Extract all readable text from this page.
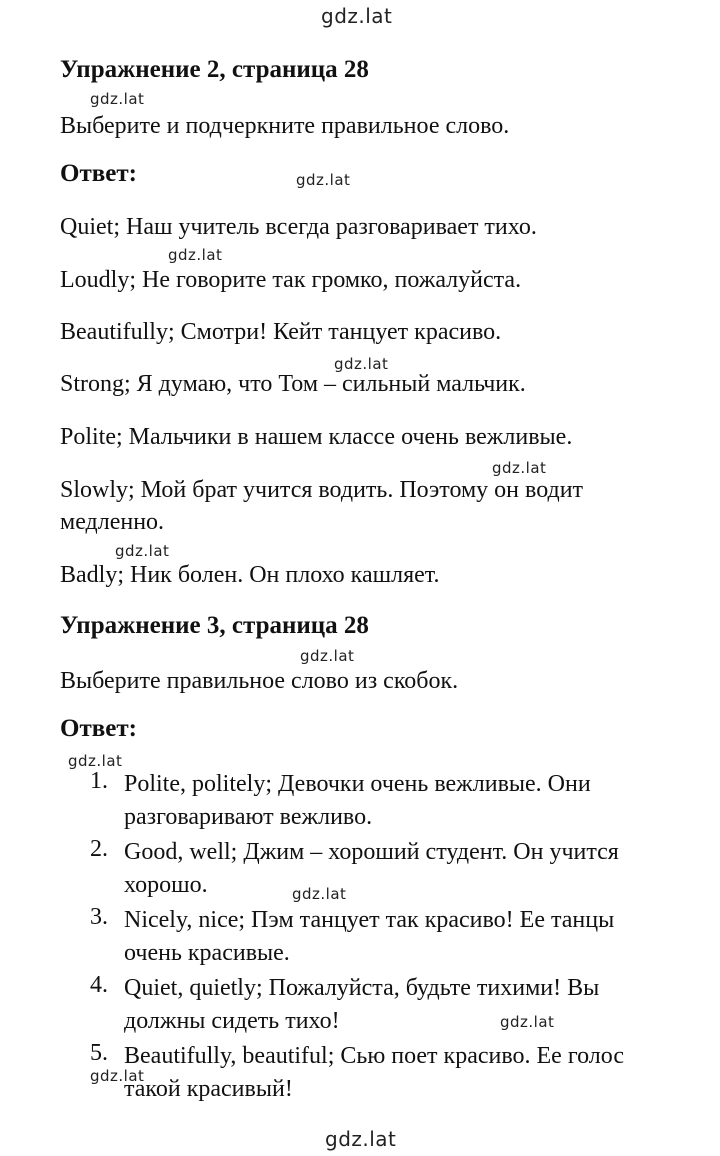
gdz.lat
gdz.lat
gdz.lat
gdz.lat
gdz.lat
gdz.lat
gdz.lat
gdz.lat
gdz.lat
gdz.lat
gdz.lat
gdz.lat
gdz.lat
Упражнение 2, страница 28
Выберите и подчеркните правильное слово.
Ответ:
Quiet; Наш учитель всегда разговаривает тихо.
Loudly; Не говорите так громко, пожалуйста.
Beautifully; Смотри! Кейт танцует красиво.
Strong; Я думаю, что Том – сильный мальчик.
Polite; Мальчики в нашем классе очень вежливые.
Slowly; Мой брат учится водить. Поэтому он водит
медленно.
Badly; Ник болен. Он плохо кашляет.
Упражнение 3, страница 28
Выберите правильное слово из скобок.
Ответ:
1. Polite, politely; Девочки очень вежливые. Они
разговаривают вежливо.
2. Good, well; Джим – хороший студент. Он учится
хорошо.
3. Nicely, nice; Пэм танцует так красиво! Ее танцы
очень красивые.
4. Quiet, quietly; Пожалуйста, будьте тихими! Вы
должны сидеть тихо!
5. Beautifully, beautiful; Сью поет красиво. Ее голос
такой красивый!
